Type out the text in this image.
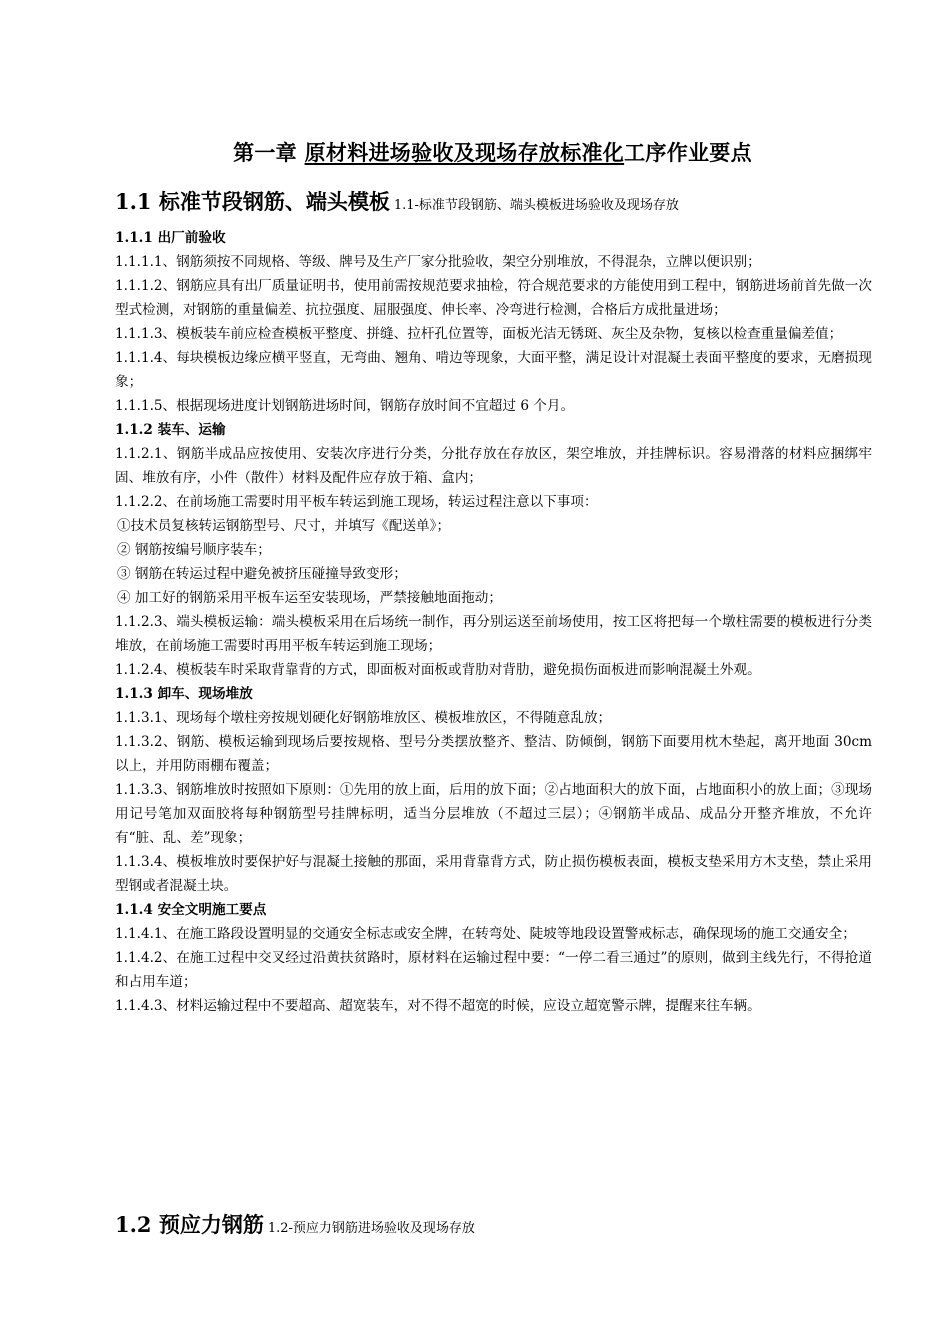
第一章 原材料进场验收及现场存放标准化工序作业要点
1.1 标准节段钢筋、端头模板 1.1-标准节段钢筋、端头模板进场验收及现场存放

1.1.1 出厂前验收

1.1.1.1、钢筋须按不同规格、等级、牌号及生产厂家分批验收，架空分别堆放，不得混杂，立牌以便识别；

1.1.1.2、钢筋应具有出厂质量证明书，使用前需按规范要求抽检，符合规范要求的方能使用到工程中，钢筋进场前首先做一次型式检测，对钢筋的重量偏差、抗拉强度、屈服强度、伸长率、冷弯进行检测，合格后方成批量进场；

1.1.1.3、模板装车前应检查模板平整度、拼缝、拉杆孔位置等，面板光洁无锈斑、灰尘及杂物，复核以检查重量偏差值；

1.1.1.4、每块模板边缘应横平竖直，无弯曲、翘角、啃边等现象，大面平整，满足设计对混凝土表面平整度的要求，无磨损现象；

1.1.1.5、根据现场进度计划钢筋进场时间，钢筋存放时间不宜超过 6 个月。

1.1.2 装车、运输

1.1.2.1、钢筋半成品应按使用、安装次序进行分类，分批存放在存放区，架空堆放，并挂牌标识。容易滑落的材料应捆绑牢固、堆放有序，小件（散件）材料及配件应存放于箱、盒内；

1.1.2.2、在前场施工需要时用平板车转运到施工现场，转运过程注意以下事项：

①技术员复核转运钢筋型号、尺寸，并填写《配送单》；

② 钢筋按编号顺序装车；

③ 钢筋在转运过程中避免被挤压碰撞导致变形；

④ 加工好的钢筋采用平板车运至安装现场，严禁接触地面拖动；

1.1.2.3、端头模板运输：端头模板采用在后场统一制作，再分别运送至前场使用，按工区将把每一个墩柱需要的模板进行分类堆放，在前场施工需要时再用平板车转运到施工现场；

1.1.2.4、模板装车时采取背靠背的方式，即面板对面板或背肋对背肋，避免损伤面板进而影响混凝土外观。

1.1.3 卸车、现场堆放

1.1.3.1、现场每个墩柱旁按规划硬化好钢筋堆放区、模板堆放区，不得随意乱放；

1.1.3.2、钢筋、模板运输到现场后要按规格、型号分类摆放整齐、整洁、防倾倒，钢筋下面要用枕木垫起，离开地面 30cm 以上，并用防雨棚布覆盖；

1.1.3.3、钢筋堆放时按照如下原则：①先用的放上面，后用的放下面；②占地面积大的放下面，占地面积小的放上面；③现场用记号笔加双面胶将每种钢筋型号挂牌标明，适当分层堆放（不超过三层）；④钢筋半成品、成品分开整齐堆放，不允许有“脏、乱、差”现象；

1.1.3.4、模板堆放时要保护好与混凝土接触的那面，采用背靠背方式，防止损伤模板表面，模板支垫采用方木支垫，禁止采用型钢或者混凝土块。

1.1.4 安全文明施工要点

1.1.4.1、在施工路段设置明显的交通安全标志或安全牌，在转弯处、陡坡等地段设置警戒标志，确保现场的施工交通安全；

1.1.4.2、在施工过程中交叉经过沿黄扶贫路时，原材料在运输过程中要：“一停二看三通过”的原则，做到主线先行，不得抢道和占用车道；

1.1.4.3、材料运输过程中不要超高、超宽装车，对不得不超宽的时候，应设立超宽警示牌，提醒来往车辆。

1.2 预应力钢筋 1.2-预应力钢筋进场验收及现场存放
